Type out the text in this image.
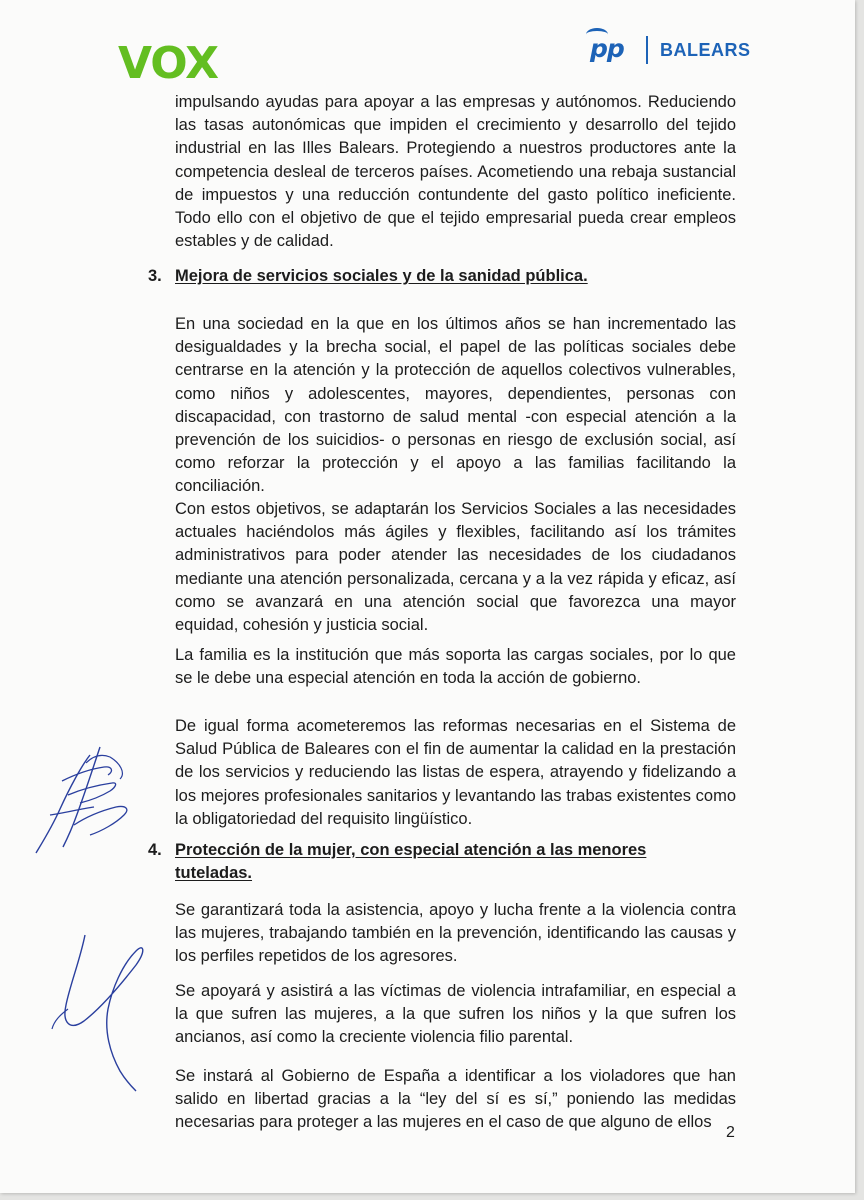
VOX	pp BALEARS

impulsando ayudas para apoyar a las empresas y autónomos. Reduciendo las tasas autonómicas que impiden el crecimiento y desarrollo del tejido industrial en las Illes Balears. Protegiendo a nuestros productores ante la competencia desleal de terceros países. Acometiendo una rebaja sustancial de impuestos y una reducción contundente del gasto político ineficiente. Todo ello con el objetivo de que el tejido empresarial pueda crear empleos estables y de calidad.

3. Mejora de servicios sociales y de la sanidad pública.

En una sociedad en la que en los últimos años se han incrementado las desigualdades y la brecha social, el papel de las políticas sociales debe centrarse en la atención y la protección de aquellos colectivos vulnerables, como niños y adolescentes, mayores, dependientes, personas con discapacidad, con trastorno de salud mental -con especial atención a la prevención de los suicidios- o personas en riesgo de exclusión social, así como reforzar la protección y el apoyo a las familias facilitando la conciliación.

Con estos objetivos, se adaptarán los Servicios Sociales a las necesidades actuales haciéndolos más ágiles y flexibles, facilitando así los trámites administrativos para poder atender las necesidades de los ciudadanos mediante una atención personalizada, cercana y a la vez rápida y eficaz, así como se avanzará en una atención social que favorezca una mayor equidad, cohesión y justicia social.

La familia es la institución que más soporta las cargas sociales, por lo que se le debe una especial atención en toda la acción de gobierno.

De igual forma acometeremos las reformas necesarias en el Sistema de Salud Pública de Baleares con el fin de aumentar la calidad en la prestación de los servicios y reduciendo las listas de espera, atrayendo y fidelizando a los mejores profesionales sanitarios y levantando las trabas existentes como la obligatoriedad del requisito lingüístico.

4. Protección de la mujer, con especial atención a las menores tuteladas.

Se garantizará toda la asistencia, apoyo y lucha frente a la violencia contra las mujeres, trabajando también en la prevención, identificando las causas y los perfiles repetidos de los agresores.

Se apoyará y asistirá a las víctimas de violencia intrafamiliar, en especial a la que sufren las mujeres, a la que sufren los niños y la que sufren los ancianos, así como la creciente violencia filio parental.

Se instará al Gobierno de España a identificar a los violadores que han salido en libertad gracias a la “ley del sí es sí,” poniendo las medidas necesarias para proteger a las mujeres en el caso de que alguno de ellos

2
